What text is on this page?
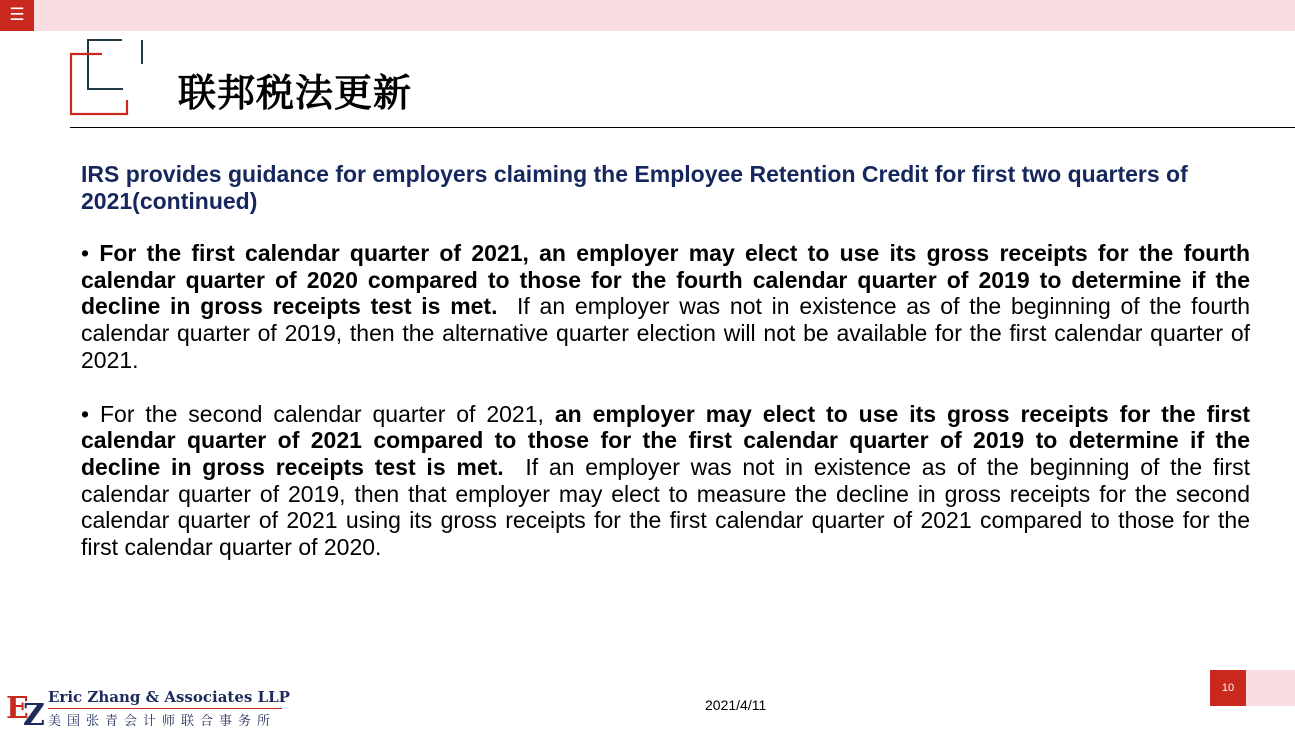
☰
联邦税法更新

IRS provides guidance for employers claiming the Employee Retention Credit for first two quarters of 2021(continued)

• For the first calendar quarter of 2021, an employer may elect to use its gross receipts for the fourth calendar quarter of 2020 compared to those for the fourth calendar quarter of 2019 to determine if the decline in gross receipts test is met. If an employer was not in existence as of the beginning of the fourth calendar quarter of 2019, then the alternative quarter election will not be available for the first calendar quarter of 2021.

• For the second calendar quarter of 2021, an employer may elect to use its gross receipts for the first calendar quarter of 2021 compared to those for the first calendar quarter of 2019 to determine if the decline in gross receipts test is met. If an employer was not in existence as of the beginning of the first calendar quarter of 2019, then that employer may elect to measure the decline in gross receipts for the second calendar quarter of 2021 using its gross receipts for the first calendar quarter of 2021 compared to those for the first calendar quarter of 2020.

E
Z

Eric Zhang & Associates LLP

美国张青会计师联合事务所

2021/4/11
10
